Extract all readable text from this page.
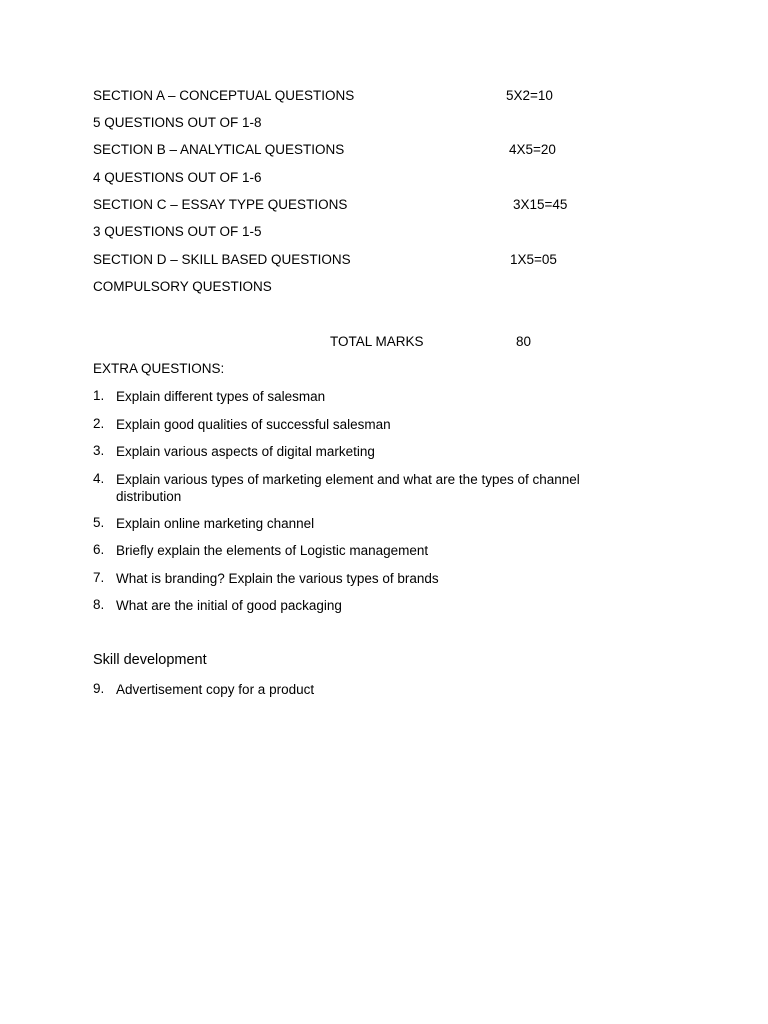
SECTION A – CONCEPTUAL QUESTIONS	5X2=10
5 QUESTIONS OUT OF 1-8
SECTION B – ANALYTICAL QUESTIONS	4X5=20
4 QUESTIONS OUT OF 1-6
SECTION C – ESSAY TYPE QUESTIONS	3X15=45
3 QUESTIONS OUT OF 1-5
SECTION D – SKILL BASED QUESTIONS	1X5=05
COMPULSORY QUESTIONS
TOTAL MARKS	80
EXTRA QUESTIONS:
1. Explain different types of salesman
2. Explain good qualities of successful salesman
3. Explain various aspects of digital marketing
4. Explain various types of marketing element and what are the types of channel distribution
5. Explain online marketing channel
6. Briefly explain the elements of Logistic management
7. What is branding? Explain the various types of brands
8. What are the initial of good packaging
Skill development
9. Advertisement copy for a product
